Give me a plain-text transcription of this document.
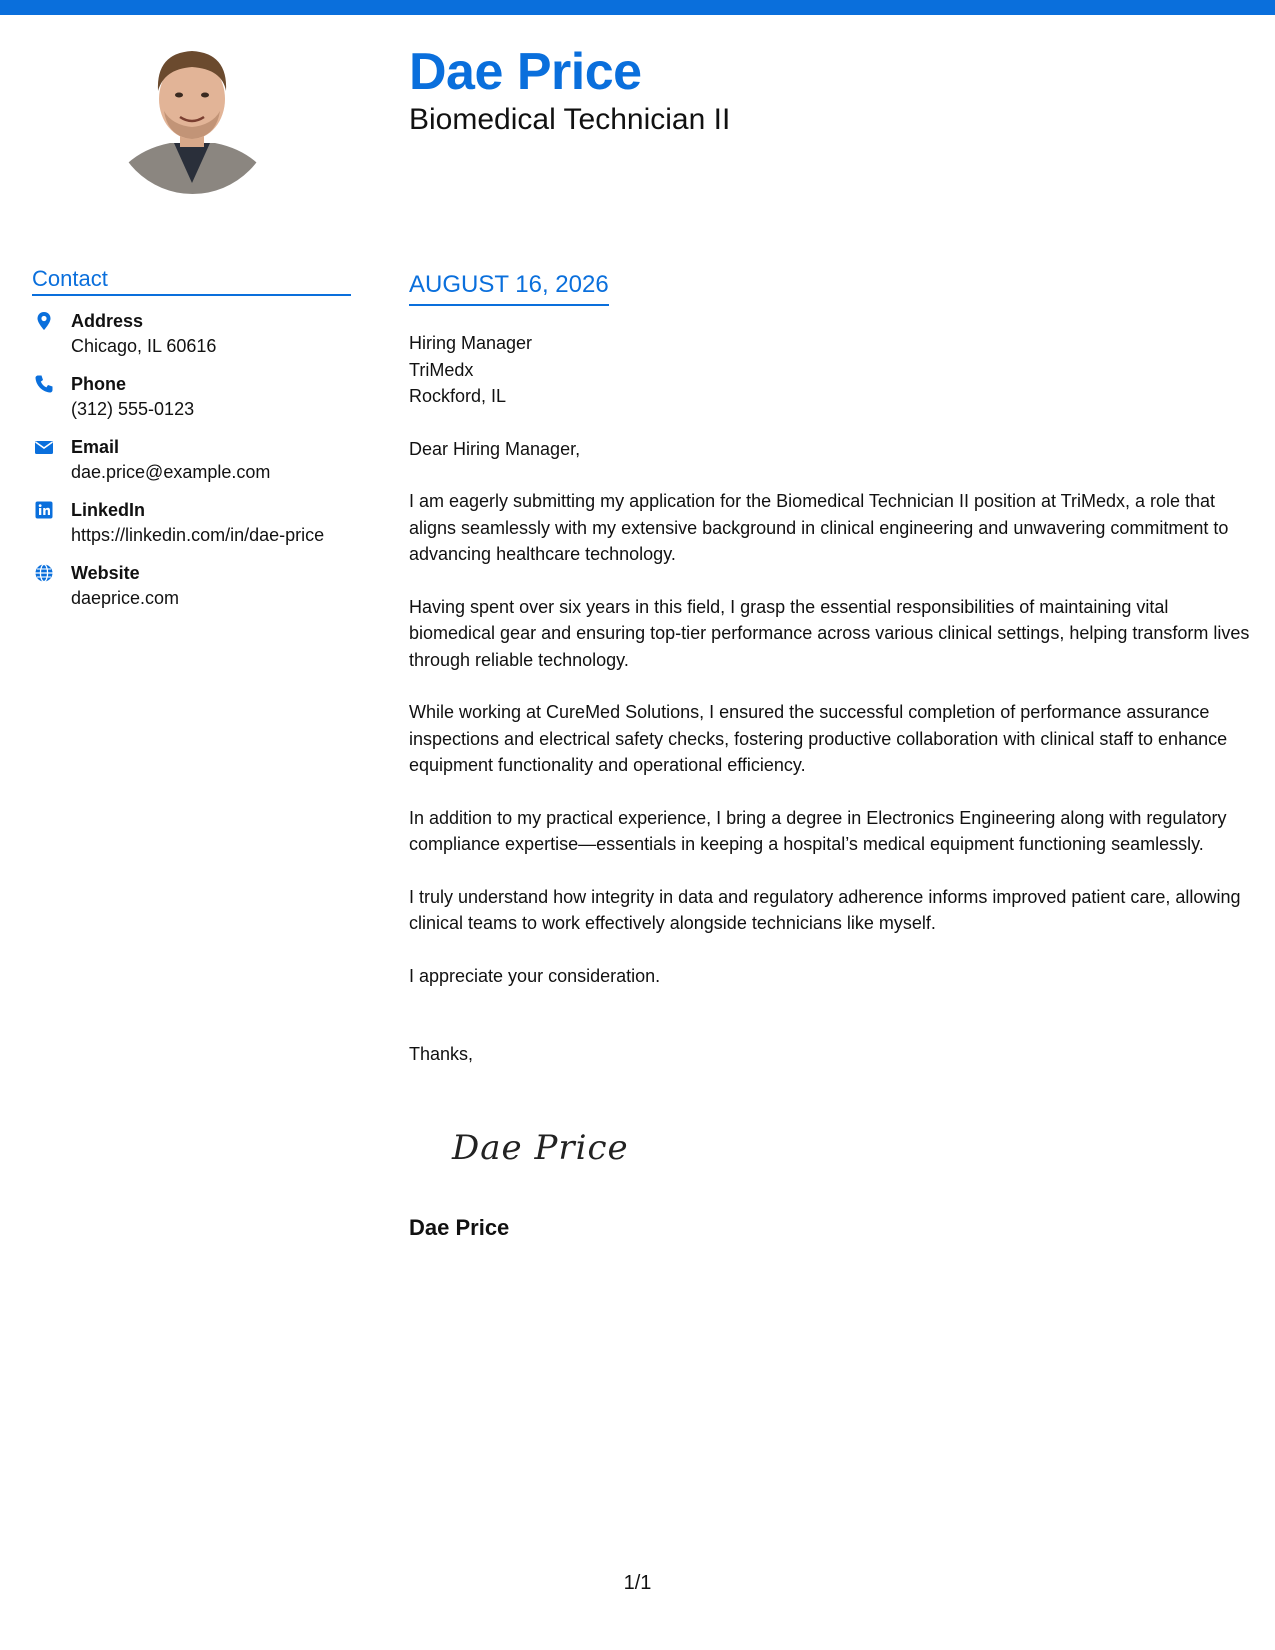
Dae Price
Biomedical Technician II
Contact
Address
Chicago, IL 60616
Phone
(312) 555-0123
Email
dae.price@example.com
LinkedIn
https://linkedin.com/in/dae-price
Website
daeprice.com
AUGUST 16, 2026

Hiring Manager
TriMedx
Rockford, IL

Dear Hiring Manager,

I am eagerly submitting my application for the Biomedical Technician II position at TriMedx, a role that aligns seamlessly with my extensive background in clinical engineering and unwavering commitment to advancing healthcare technology.

Having spent over six years in this field, I grasp the essential responsibilities of maintaining vital biomedical gear and ensuring top-tier performance across various clinical settings, helping transform lives through reliable technology.

While working at CureMed Solutions, I ensured the successful completion of performance assurance inspections and electrical safety checks, fostering productive collaboration with clinical staff to enhance equipment functionality and operational efficiency.

In addition to my practical experience, I bring a degree in Electronics Engineering along with regulatory compliance expertise—essentials in keeping a hospital’s medical equipment functioning seamlessly.

I truly understand how integrity in data and regulatory adherence informs improved patient care, allowing clinical teams to work effectively alongside technicians like myself.

I appreciate your consideration.

Thanks,

Dae Price
Dae Price
1/1
